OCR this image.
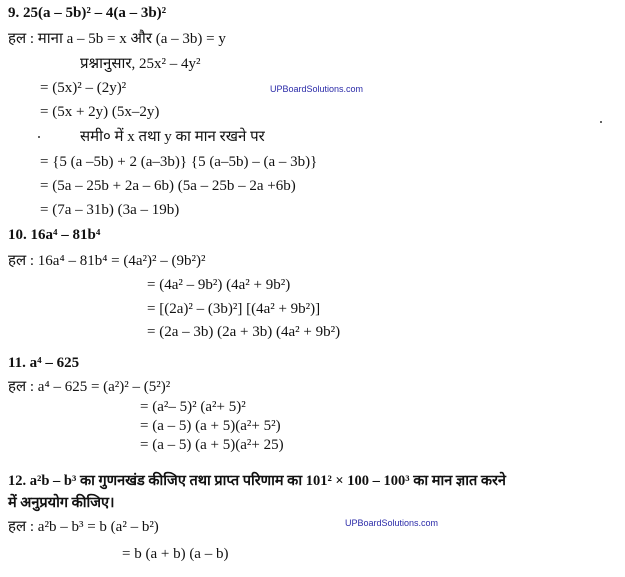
9. 25(a – 5b)² – 4(a – 3b)²
हल : माना a – 5b = x और (a – 3b) = y
प्रश्नानुसार, 25x² – 4y²
UPBoardSolutions.com
= (5x)² – (2y)²
= (5x + 2y) (5x–2y)
समी० में x तथा y का मान रखने पर
= {5 (a –5b) + 2 (a–3b)} {5 (a–5b) – (a – 3b)}
= (5a – 25b + 2a – 6b) (5a – 25b – 2a +6b)
= (7a – 31b) (3a – 19b)
10. 16a⁴ – 81b⁴
हल : 16a⁴ – 81b⁴ = (4a²)² – (9b²)²
= (4a² – 9b²) (4a² + 9b²)
= [(2a)² – (3b)²] [(4a² + 9b²)]
= (2a – 3b) (2a + 3b) (4a² + 9b²)
11. a⁴ – 625
हल : a⁴ – 625 = (a²)² – (5²)²
= (a²– 5)² (a²+ 5)²
= (a – 5) (a + 5)(a²+ 5²)
= (a – 5) (a + 5)(a²+ 25)
12. a²b – b³ का गुणनखंड कीजिए तथा प्राप्त परिणाम का 101² × 100 – 100³ का मान ज्ञात करने
में अनुप्रयोग कीजिए।
हल : a²b – b³ = b (a² – b²)	UPBoardSolutions.com
= b (a + b) (a – b)
